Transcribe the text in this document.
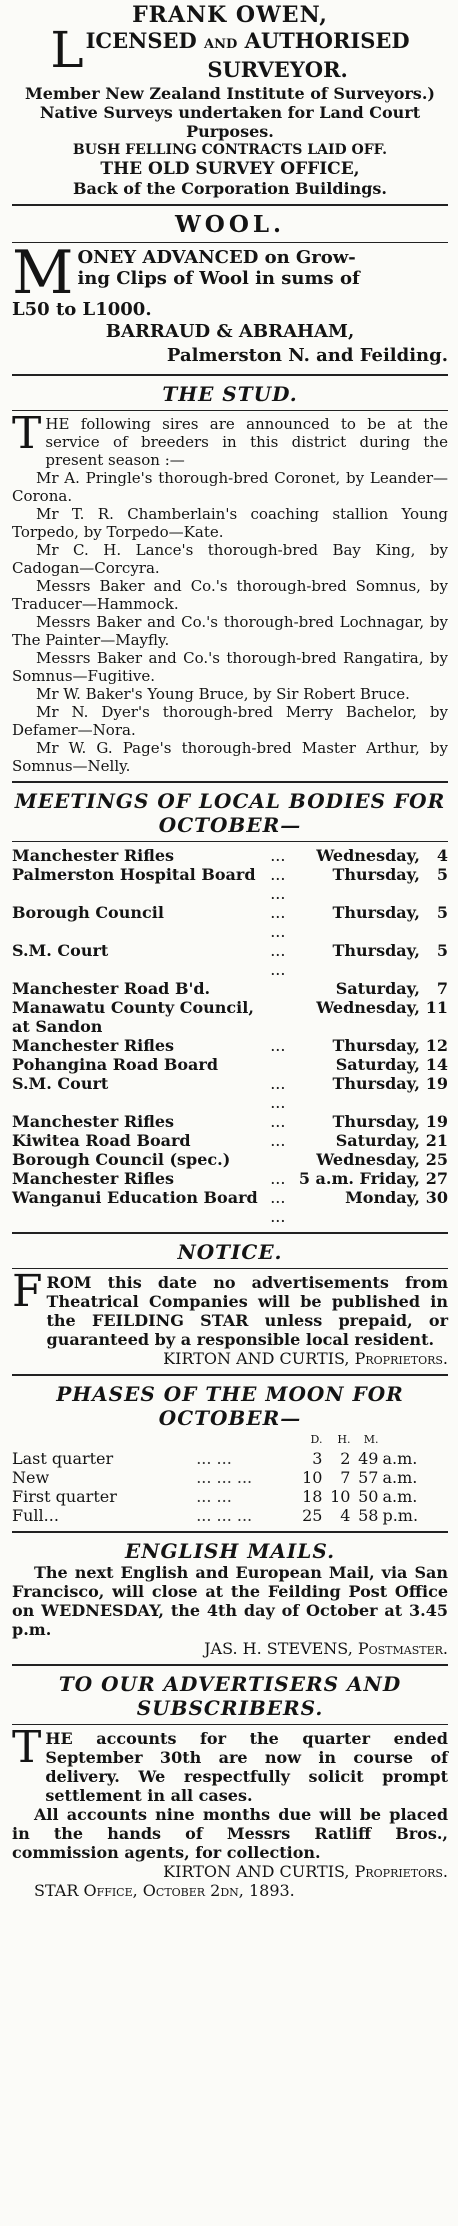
FRANK OWEN,
L ICENSED AND AUTHORISED
SURVEYOR.
Member New Zealand Institute of Surveyors.)
Native Surveys undertaken for Land Court Purposes.
BUSH FELLING CONTRACTS LAID OFF.
THE OLD SURVEY OFFICE,
Back of the Corporation Buildings.
WOOL.
M ONEY ADVANCED on Grow-
ing Clips of Wool in sums of
L50 to L1000.
BARRAUD & ABRAHAM,
Palmerston N. and Feilding.
THE STUD.
T HE following sires are announced to be at the service of breeders in this district during the present season :—
Mr A. Pringle's thorough-bred Coronet, by Leander—Corona.
Mr T. R. Chamberlain's coaching stallion Young Torpedo, by Torpedo—Kate.
Mr C. H. Lance's thorough-bred Bay King, by Cadogan—Corcyra.
Messrs Baker and Co.'s thorough-bred Somnus, by Traducer—Hammock.
Messrs Baker and Co.'s thorough-bred Lochnagar, by The Painter—Mayfly.
Messrs Baker and Co.'s thorough-bred Rangatira, by Somnus—Fugitive.
Mr W. Baker's Young Bruce, by Sir Robert Bruce.
Mr N. Dyer's thorough-bred Merry Bachelor, by Defamer—Nora.
Mr W. G. Page's thorough-bred Master Arthur, by Somnus—Nelly.
MEETINGS OF LOCAL BODIES FOR OCTOBER—
Manchester Rifles	...	Wednesday,	4
Palmerston Hospital Board	... ...	Thursday,	5
Borough Council	... ...	Thursday,	5
S.M. Court	... ...	Thursday,	5
Manchester Road B'd.		Saturday,	7
Manawatu County Council, at Sandon		Wednesday,	11
Manchester Rifles	...	Thursday,	12
Pohangina Road Board		Saturday,	14
S.M. Court	... ...	Thursday,	19
Manchester Rifles	...	Thursday,	19
Kiwitea Road Board	...	Saturday,	21
Borough Council (spec.)		Wednesday,	25
Manchester Rifles	...	5 a.m. Friday,	27
Wanganui Education Board	... ...	Monday,	30
NOTICE.
F ROM this date no advertisements from Theatrical Companies will be published in the FEILDING STAR unless prepaid, or guaranteed by a responsible local resident.
KIRTON AND CURTIS, Proprietors.
PHASES OF THE MOON FOR OCTOBER—
		D.	H.	M.	
Last quarter	... ...	3	2	49	a.m.
New	... ... ...	10	7	57	a.m.
First quarter	... ...	18	10	50	a.m.
Full...	... ... ...	25	4	58	p.m.
ENGLISH MAILS.
The next English and European Mail, via San Francisco, will close at the Feilding Post Office on WEDNESDAY, the 4th day of October at 3.45 p.m.
JAS. H. STEVENS, Postmaster.
TO OUR ADVERTISERS AND SUBSCRIBERS.
T HE accounts for the quarter ended September 30th are now in course of delivery. We respectfully solicit prompt settlement in all cases.
All accounts nine months due will be placed in the hands of Messrs Ratliff Bros., commission agents, for collection.
KIRTON AND CURTIS, Proprietors.
STAR Office, October 2dn, 1893.
